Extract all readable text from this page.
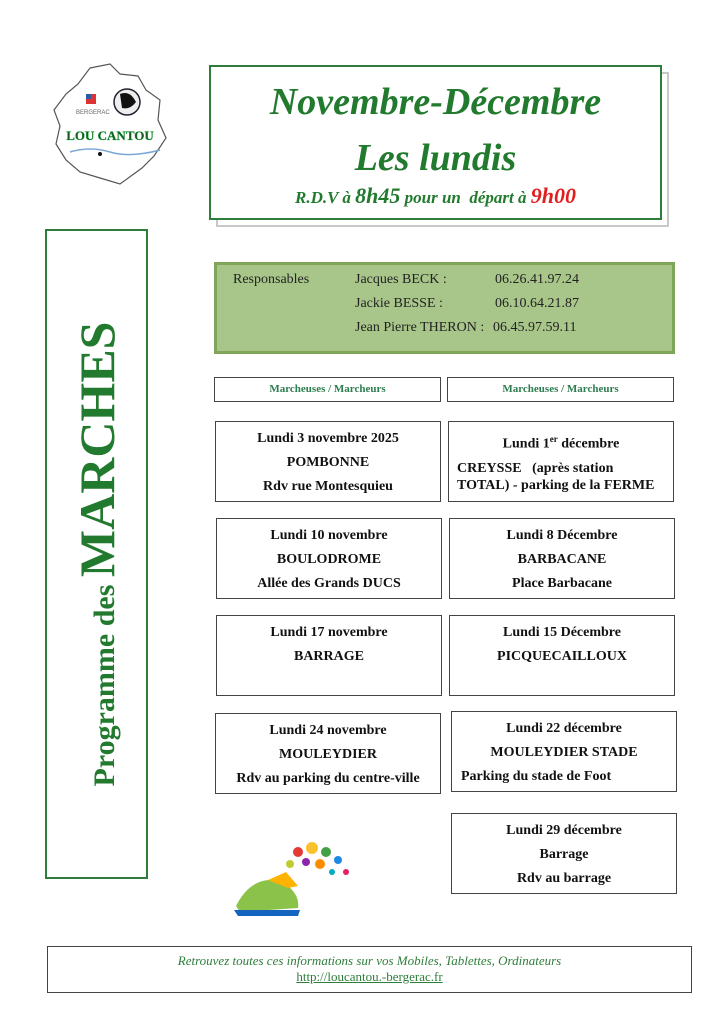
BERGERAC
LOU CANTOU
Novembre-Décembre
Les lundis
R.D.V à 8h45 pour un  départ à 9h00
Programme des MARCHES
Responsables	Jacques BECK :	06.26.41.97.24
Jackie BESSE :	06.10.64.21.87
Jean Pierre THERON : 06.45.97.59.11
Marcheuses / Marcheurs	Marcheuses / Marcheurs
Lundi 3 novembre 2025
POMBONNE
Rdv rue Montesquieu
Lundi 1er décembre
CREYSSE   (après station
TOTAL) - parking de la FERME
Lundi 10 novembre
BOULODROME
Allée des Grands DUCS
Lundi 8 Décembre
BARBACANE
Place Barbacane
Lundi 17 novembre
BARRAGE
Lundi 15 Décembre
PICQUECAILLOUX
Lundi 24 novembre
MOULEYDIER
Rdv au parking du centre-ville
Lundi 22 décembre
MOULEYDIER STADE
Parking du stade de Foot
Lundi 29 décembre
Barrage
Rdv au barrage
Retrouvez toutes ces informations sur vos Mobiles, Tablettes, Ordinateurs
http://loucantou.-bergerac.fr
